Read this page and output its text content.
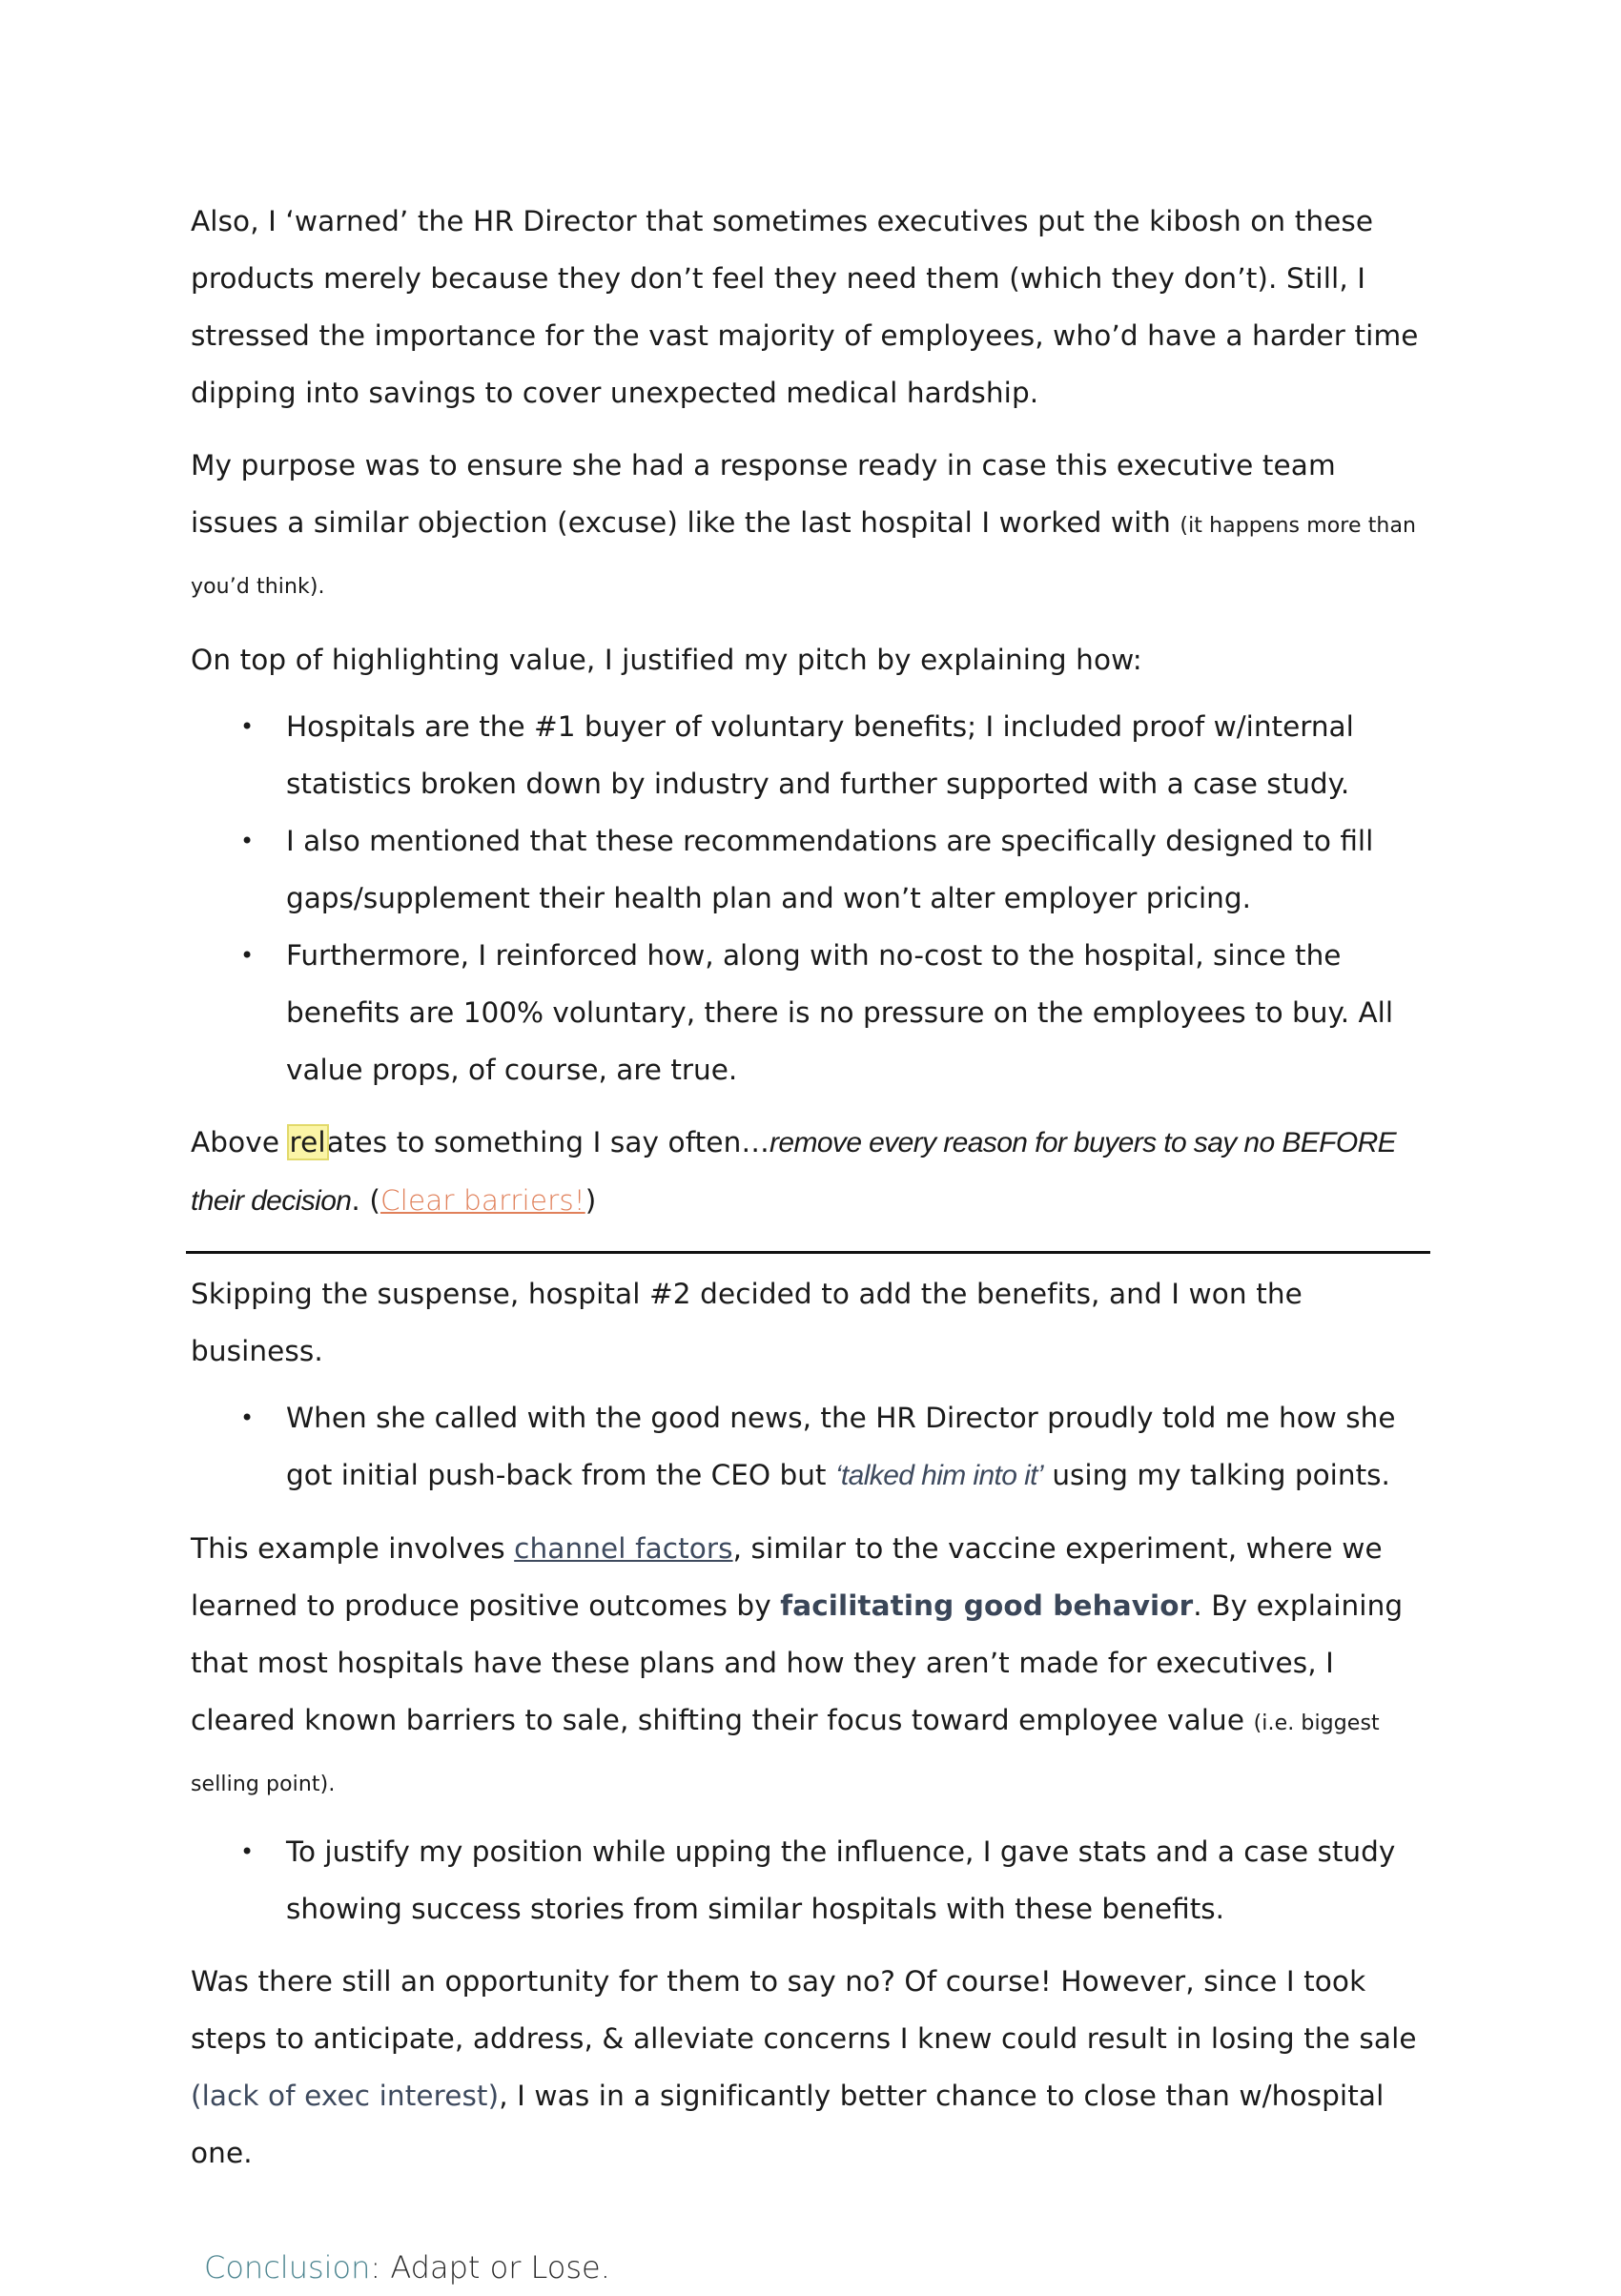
Also, I ‘warned’ the HR Director that sometimes executives put the kibosh on these products merely because they don’t feel they need them (which they don’t). Still, I stressed the importance for the vast majority of employees, who’d have a harder time dipping into savings to cover unexpected medical hardship.

My purpose was to ensure she had a response ready in case this executive team issues a similar objection (excuse) like the last hospital I worked with (it happens more than you’d think).

On top of highlighting value, I justified my pitch by explaining how:

• Hospitals are the #1 buyer of voluntary benefits; I included proof w/internal statistics broken down by industry and further supported with a case study.
• I also mentioned that these recommendations are specifically designed to fill gaps/supplement their health plan and won’t alter employer pricing.
• Furthermore, I reinforced how, along with no-cost to the hospital, since the benefits are 100% voluntary, there is no pressure on the employees to buy. All value props, of course, are true.

Above relates to something I say often…remove every reason for buyers to say no BEFORE their decision. (Clear barriers!)

Skipping the suspense, hospital #2 decided to add the benefits, and I won the business.

• When she called with the good news, the HR Director proudly told me how she got initial push-back from the CEO but ‘talked him into it’ using my talking points.

This example involves channel factors, similar to the vaccine experiment, where we learned to produce positive outcomes by facilitating good behavior. By explaining that most hospitals have these plans and how they aren’t made for executives, I cleared known barriers to sale, shifting their focus toward employee value (i.e. biggest selling point).

• To justify my position while upping the influence, I gave stats and a case study showing success stories from similar hospitals with these benefits.

Was there still an opportunity for them to say no? Of course! However, since I took steps to anticipate, address, & alleviate concerns I knew could result in losing the sale (lack of exec interest), I was in a significantly better chance to close than w/hospital one.

Conclusion: Adapt or Lose.
